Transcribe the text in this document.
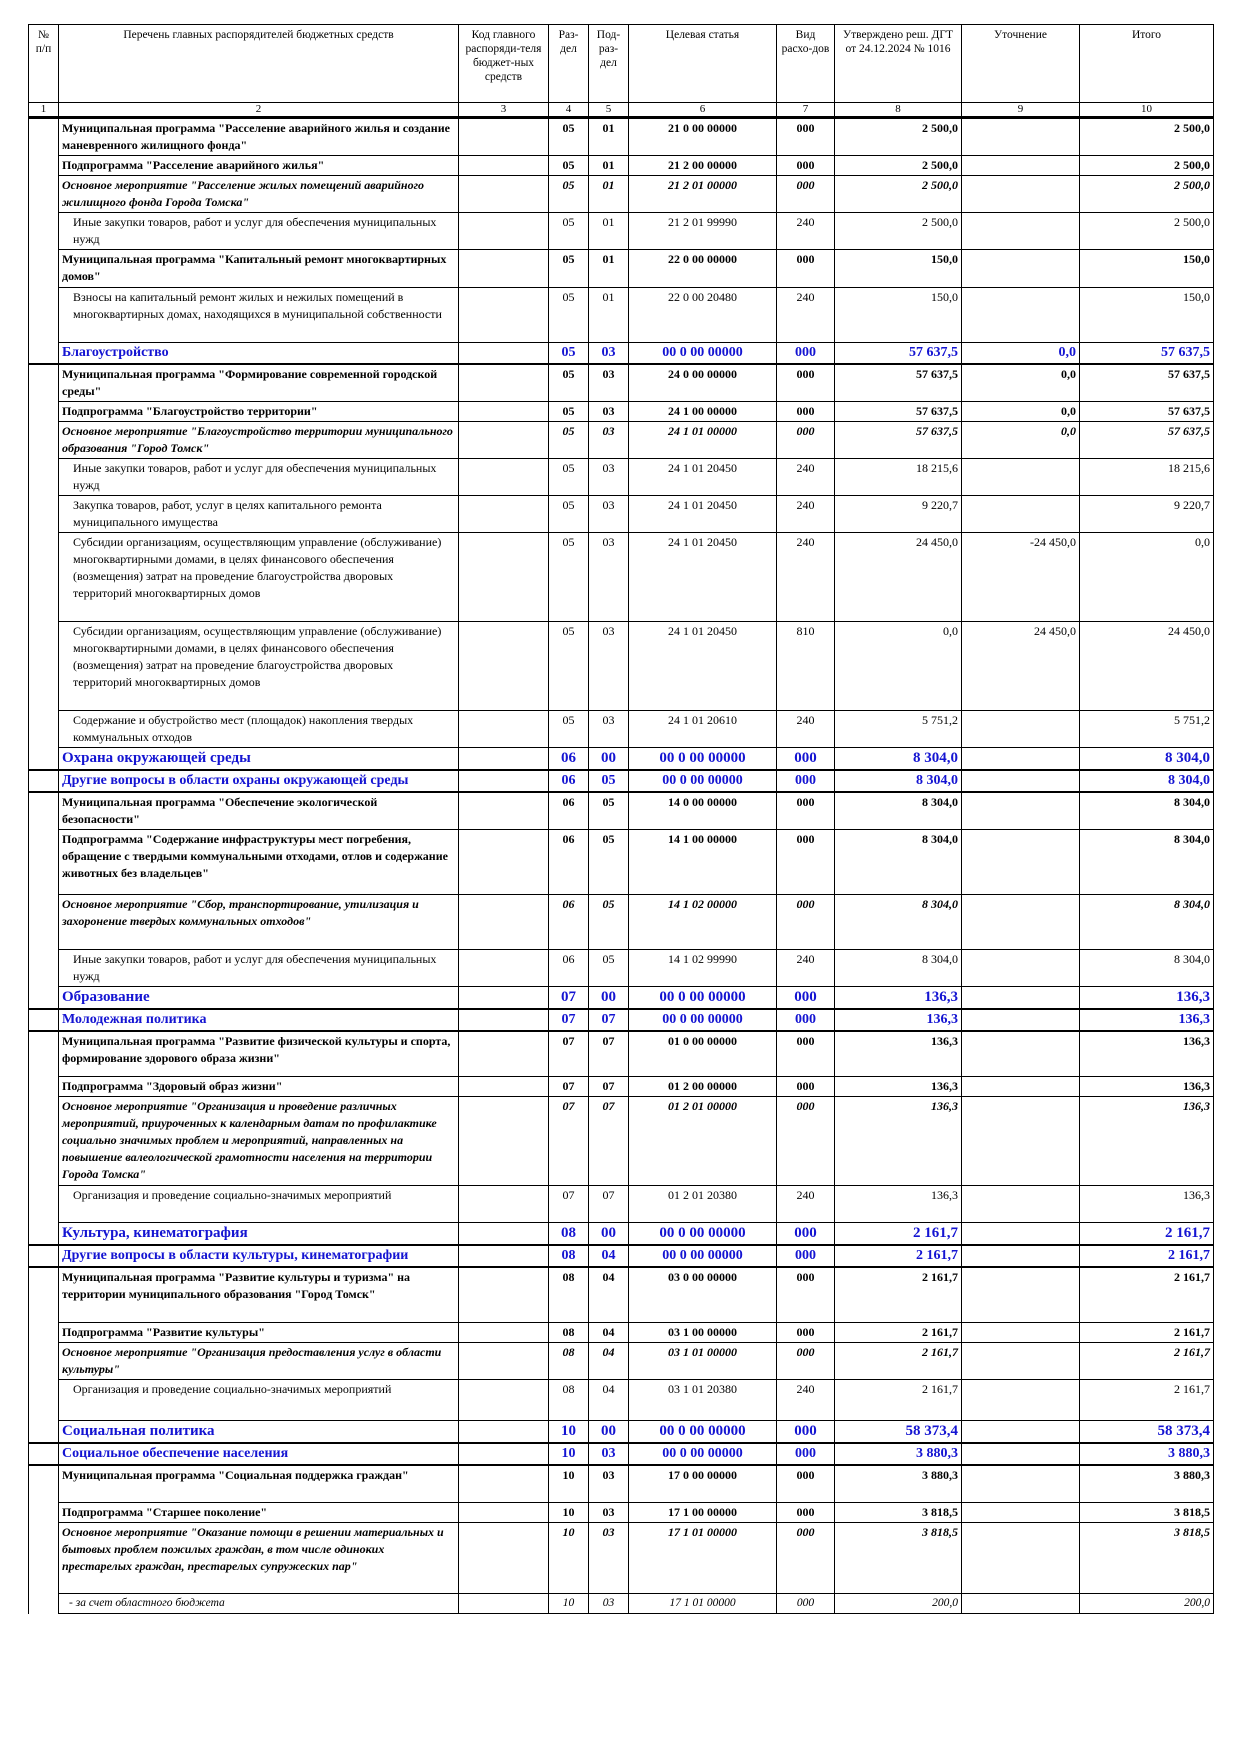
№ п/п	Перечень главных распорядителей бюджетных средств	Код главного распоряди-теля бюджет-ных средств	Раз-дел	Под-раз-дел	Целевая статья	Вид расхо-дов	Утверждено реш. ДГТ от 24.12.2024 № 1016	Уточнение	Итого
1	2	3	4	5	6	7	8	9	10
	Муниципальная программа "Расселение аварийного жилья и создание маневренного жилищного фонда"		05	01	21 0 00 00000	000	2 500,0		2 500,0
	Подпрограмма "Расселение аварийного жилья"		05	01	21 2 00 00000	000	2 500,0		2 500,0
	Основное мероприятие "Расселение жилых помещений аварийного жилищного фонда Города Томска"		05	01	21 2 01 00000	000	2 500,0		2 500,0
	Иные закупки товаров, работ и услуг для обеспечения муниципальных нужд		05	01	21 2 01 99990	240	2 500,0		2 500,0
	Муниципальная программа "Капитальный ремонт многоквартирных домов"		05	01	22 0 00 00000	000	150,0		150,0
	Взносы на капитальный ремонт жилых и нежилых помещений в многоквартирных домах, находящихся в муниципальной собственности		05	01	22 0 00 20480	240	150,0		150,0
	Благоустройство		05	03	00 0 00 00000	000	57 637,5	0,0	57 637,5
	Муниципальная программа "Формирование современной городской среды"		05	03	24 0 00 00000	000	57 637,5	0,0	57 637,5
	Подпрограмма "Благоустройство территории"		05	03	24 1 00 00000	000	57 637,5	0,0	57 637,5
	Основное мероприятие "Благоустройство территории муниципального образования "Город Томск"		05	03	24 1 01 00000	000	57 637,5	0,0	57 637,5
	Иные закупки товаров, работ и услуг для обеспечения муниципальных нужд		05	03	24 1 01 20450	240	18 215,6		18 215,6
	Закупка товаров, работ, услуг в целях капитального ремонта муниципального имущества		05	03	24 1 01 20450	240	9 220,7		9 220,7
	Субсидии организациям, осуществляющим управление (обслуживание) многоквартирными домами, в целях финансового обеспечения (возмещения) затрат на проведение благоустройства дворовых территорий многоквартирных домов		05	03	24 1 01 20450	240	24 450,0	-24 450,0	0,0
	Субсидии организациям, осуществляющим управление (обслуживание) многоквартирными домами, в целях финансового обеспечения (возмещения) затрат на проведение благоустройства дворовых территорий многоквартирных домов		05	03	24 1 01 20450	810	0,0	24 450,0	24 450,0
	Содержание и обустройство мест (площадок) накопления твердых коммунальных отходов		05	03	24 1 01 20610	240	5 751,2		5 751,2
	Охрана окружающей среды		06	00	00 0 00 00000	000	8 304,0		8 304,0
	Другие вопросы в области охраны окружающей среды		06	05	00 0 00 00000	000	8 304,0		8 304,0
	Муниципальная программа "Обеспечение экологической безопасности"		06	05	14 0 00 00000	000	8 304,0		8 304,0
	Подпрограмма "Содержание инфраструктуры мест погребения, обращение с твердыми коммунальными отходами, отлов и содержание животных без владельцев"		06	05	14 1 00 00000	000	8 304,0		8 304,0
	Основное мероприятие "Сбор, транспортирование, утилизация и захоронение твердых коммунальных отходов"		06	05	14 1 02 00000	000	8 304,0		8 304,0
	Иные закупки товаров, работ и услуг для обеспечения муниципальных нужд		06	05	14 1 02 99990	240	8 304,0		8 304,0
	Образование		07	00	00 0 00 00000	000	136,3		136,3
	Молодежная политика		07	07	00 0 00 00000	000	136,3		136,3
	Муниципальная программа "Развитие физической культуры и спорта, формирование здорового образа жизни"		07	07	01 0 00 00000	000	136,3		136,3
	Подпрограмма "Здоровый образ жизни"		07	07	01 2 00 00000	000	136,3		136,3
	Основное мероприятие "Организация и проведение различных мероприятий, приуроченных к календарным датам по профилактике социально значимых проблем и мероприятий, направленных на повышение валеологической грамотности населения на территории Города Томска"		07	07	01 2 01 00000	000	136,3		136,3
	Организация и проведение социально-значимых мероприятий		07	07	01 2 01 20380	240	136,3		136,3
	Культура, кинематография		08	00	00 0 00 00000	000	2 161,7		2 161,7
	Другие вопросы в области культуры, кинематографии		08	04	00 0 00 00000	000	2 161,7		2 161,7
	Муниципальная программа "Развитие культуры и туризма" на территории муниципального образования "Город Томск"		08	04	03 0 00 00000	000	2 161,7		2 161,7
	Подпрограмма "Развитие культуры"		08	04	03 1 00 00000	000	2 161,7		2 161,7
	Основное мероприятие "Организация предоставления услуг в области культуры"		08	04	03 1 01 00000	000	2 161,7		2 161,7
	Организация и проведение социально-значимых мероприятий		08	04	03 1 01 20380	240	2 161,7		2 161,7
	Социальная политика		10	00	00 0 00 00000	000	58 373,4		58 373,4
	Социальное обеспечение населения		10	03	00 0 00 00000	000	3 880,3		3 880,3
	Муниципальная программа "Социальная поддержка граждан"		10	03	17 0 00 00000	000	3 880,3		3 880,3
	Подпрограмма "Старшее поколение"		10	03	17 1 00 00000	000	3 818,5		3 818,5
	Основное мероприятие "Оказание помощи в решении материальных и бытовых проблем пожилых граждан, в том числе одиноких престарелых граждан, престарелых супружеских пар"		10	03	17 1 01 00000	000	3 818,5		3 818,5
	- за счет областного бюджета		10	03	17 1 01 00000	000	200,0		200,0
